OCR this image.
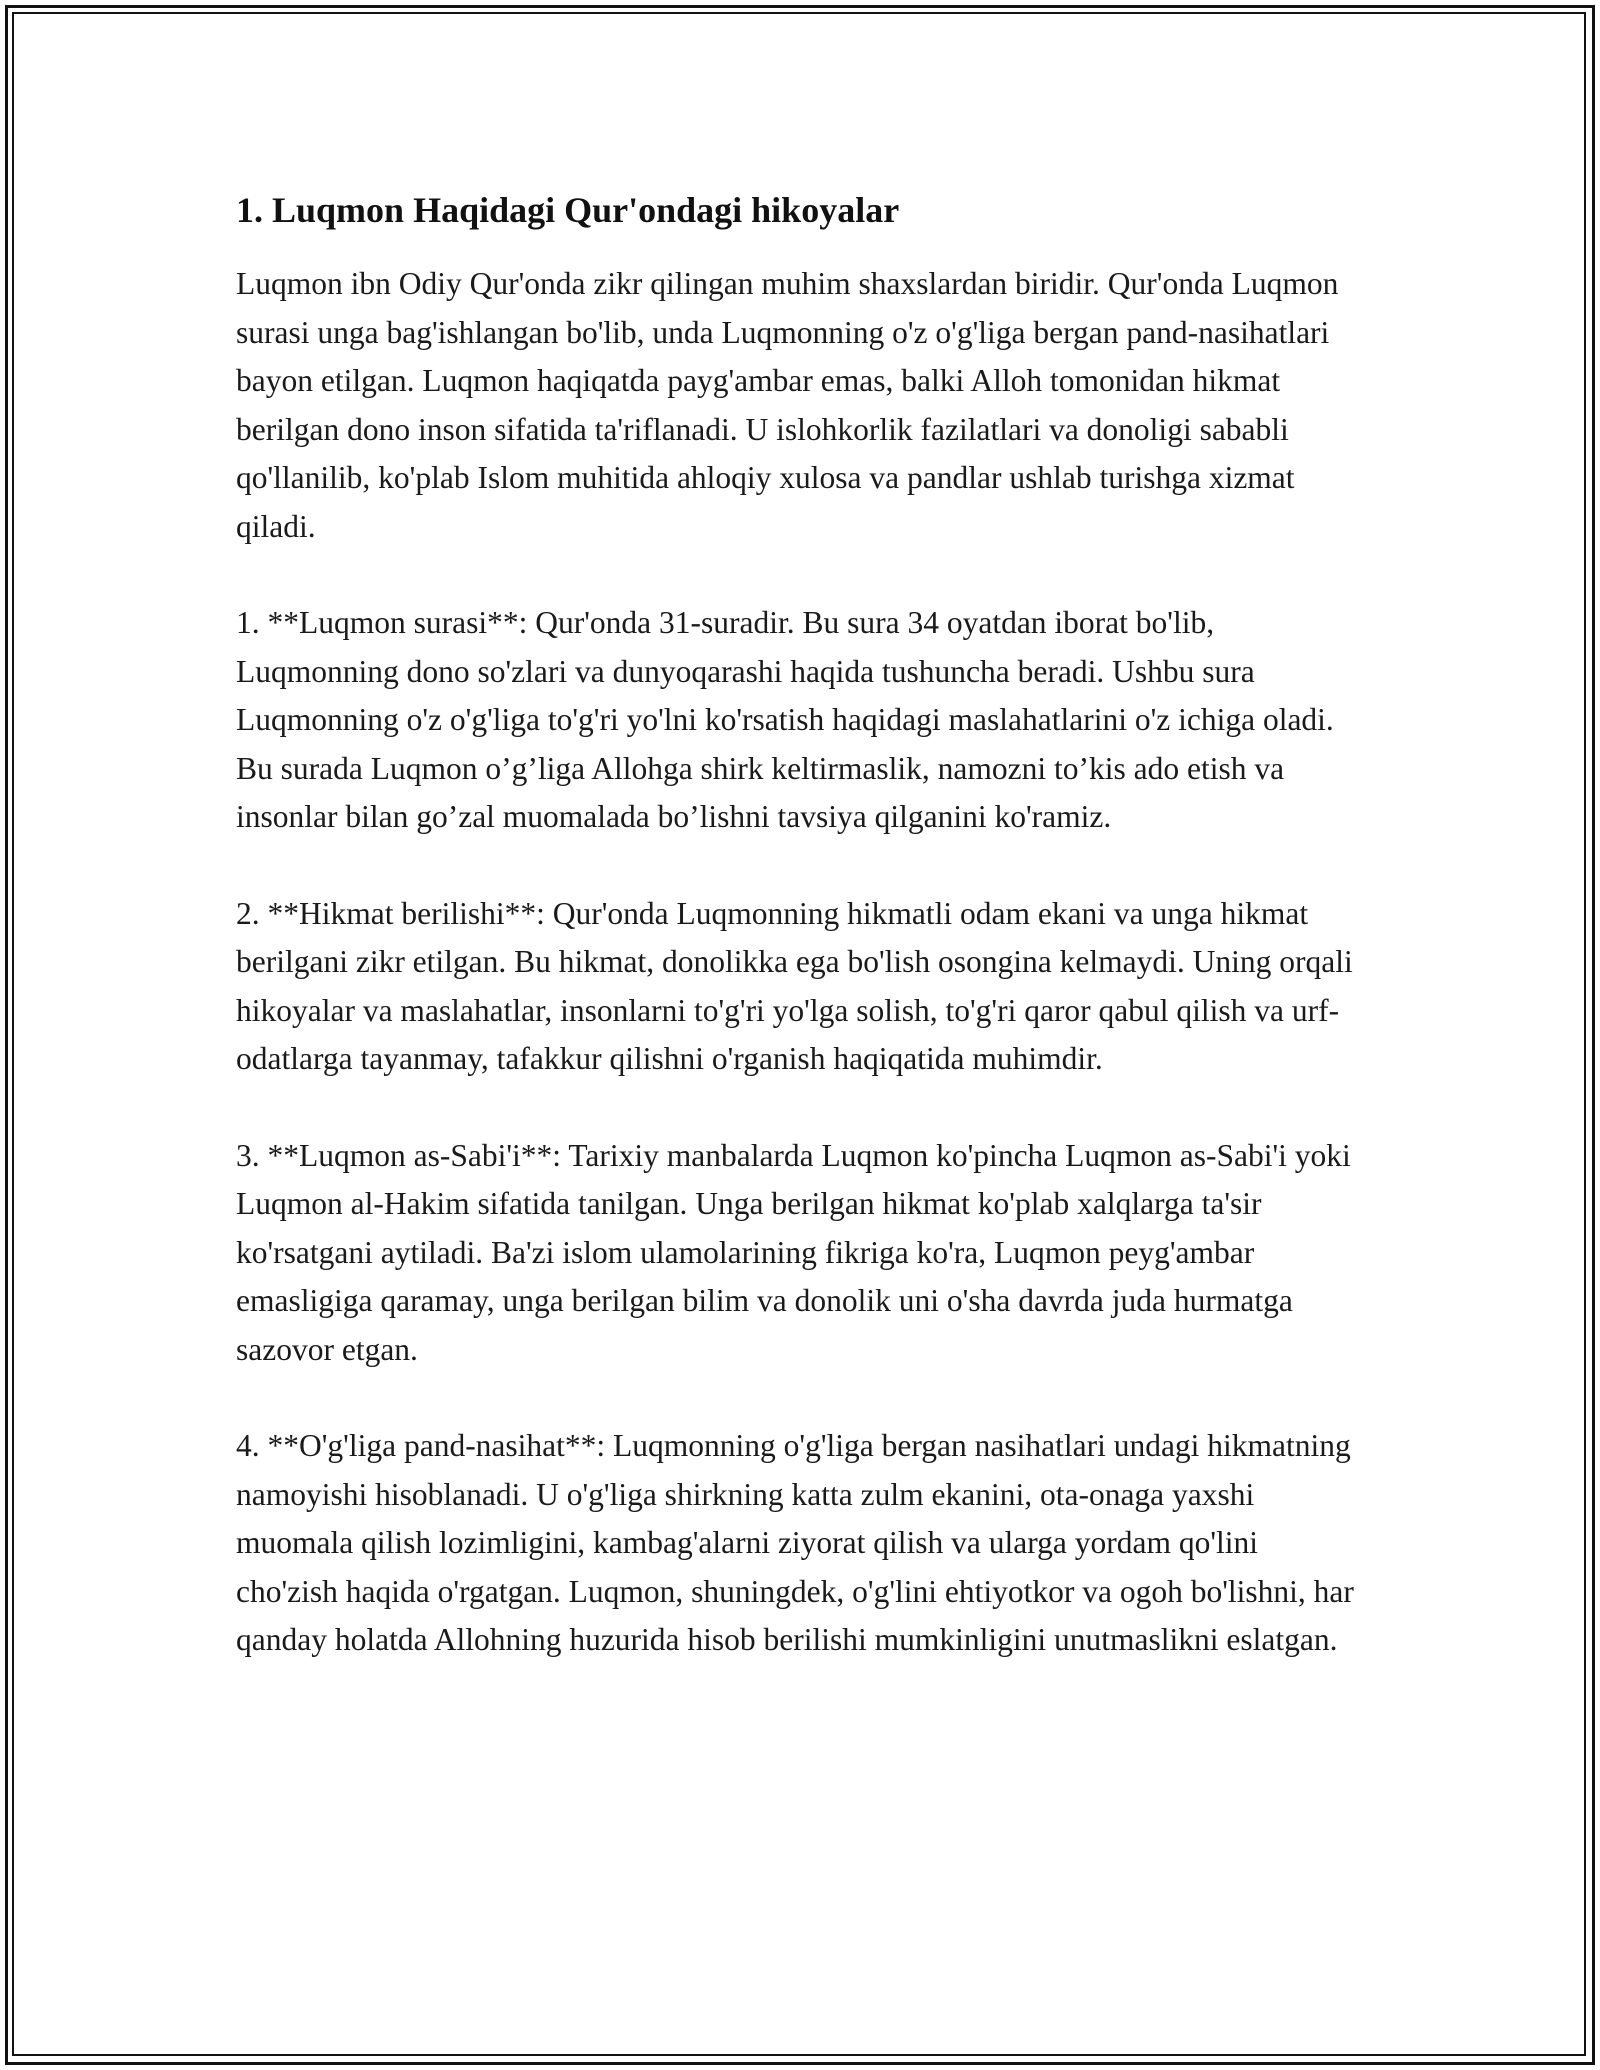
1. Luqmon Haqidagi Qur'ondagi hikoyalar

Luqmon ibn Odiy Qur'onda zikr qilingan muhim shaxslardan biridir. Qur'onda Luqmon surasi unga bag'ishlangan bo'lib, unda Luqmonning o'z o'g'liga bergan pand-nasihatlari bayon etilgan. Luqmon haqiqatda payg'ambar emas, balki Alloh tomonidan hikmat berilgan dono inson sifatida ta'riflanadi. U islohkorlik fazilatlari va donoligi sababli qo'llanilib, ko'plab Islom muhitida ahloqiy xulosa va pandlar ushlab turishga xizmat qiladi.

1. **Luqmon surasi**: Qur'onda 31-suradir. Bu sura 34 oyatdan iborat bo'lib, Luqmonning dono so'zlari va dunyoqarashi haqida tushuncha beradi. Ushbu sura Luqmonning o'z o'g'liga to'g'ri yo'lni ko'rsatish haqidagi maslahatlarini o'z ichiga oladi. Bu surada Luqmon o’g’liga Allohga shirk keltirmaslik, namozni to’kis ado etish va insonlar bilan go’zal muomalada bo’lishni tavsiya qilganini ko'ramiz.

2. **Hikmat berilishi**: Qur'onda Luqmonning hikmatli odam ekani va unga hikmat berilgani zikr etilgan. Bu hikmat, donolikka ega bo'lish osongina kelmaydi. Uning orqali hikoyalar va maslahatlar, insonlarni to'g'ri yo'lga solish, to'g'ri qaror qabul qilish va urf-odatlarga tayanmay, tafakkur qilishni o'rganish haqiqatida muhimdir.

3. **Luqmon as-Sabi'i**: Tarixiy manbalarda Luqmon ko'pincha Luqmon as-Sabi'i yoki Luqmon al-Hakim sifatida tanilgan. Unga berilgan hikmat ko'plab xalqlarga ta'sir ko'rsatgani aytiladi. Ba'zi islom ulamolarining fikriga ko'ra, Luqmon peyg'ambar emasligiga qaramay, unga berilgan bilim va donolik uni o'sha davrda juda hurmatga sazovor etgan.

4. **O'g'liga pand-nasihat**: Luqmonning o'g'liga bergan nasihatlari undagi hikmatning namoyishi hisoblanadi. U o'g'liga shirkning katta zulm ekanini, ota-onaga yaxshi muomala qilish lozimligini, kambag'alarni ziyorat qilish va ularga yordam qo'lini cho'zish haqida o'rgatgan. Luqmon, shuningdek, o'g'lini ehtiyotkor va ogoh bo'lishni, har qanday holatda Allohning huzurida hisob berilishi mumkinligini unutmaslikni eslatgan.
